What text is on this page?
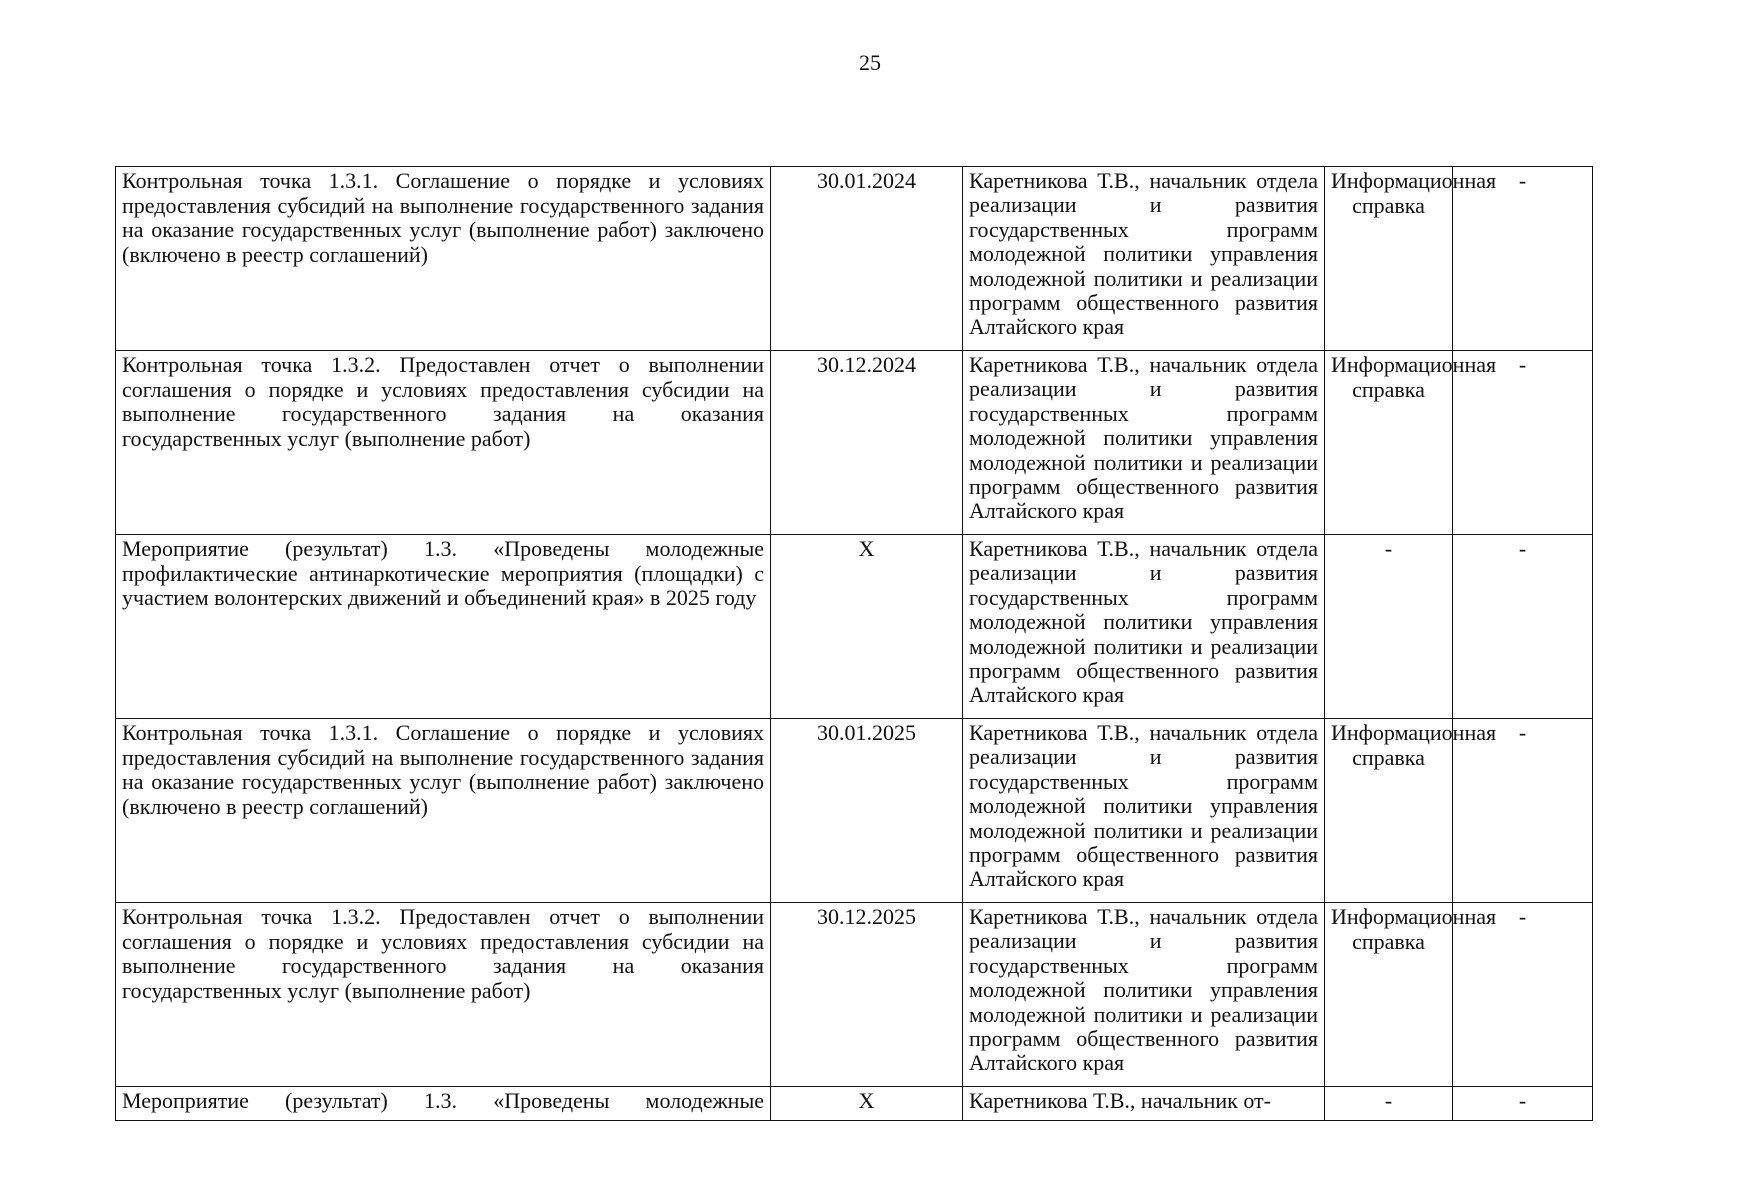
25
Контрольная точка 1.3.1. Соглашение о порядке и условиях предоставления субсидий на выполнение государственного задания на оказание государственных услуг (выполнение работ) заключено (включено в реестр соглашений)	30.01.2024	Каретникова Т.В., начальник отдела реализации и развития государственных программ молодежной политики управления молодежной политики и реализации программ общественного развития Алтайского края	Информационная справка	-

Контрольная точка 1.3.2. Предоставлен отчет о выполнении соглашения о порядке и условиях предоставления субсидии на выполнение государственного задания на оказания государственных услуг (выполнение работ)	30.12.2024	Каретникова Т.В., начальник отдела реализации и развития государственных программ молодежной политики управления молодежной политики и реализации программ общественного развития Алтайского края	Информационная справка	-

Мероприятие (результат) 1.3. «Проведены молодежные профилактические антинаркотические мероприятия (площадки) с участием волонтерских движений и объединений края» в 2025 году	Х	Каретникова Т.В., начальник отдела реализации и развития государственных программ молодежной политики управления молодежной политики и реализации программ общественного развития Алтайского края	-	-

Контрольная точка 1.3.1. Соглашение о порядке и условиях предоставления субсидий на выполнение государственного задания на оказание государственных услуг (выполнение работ) заключено (включено в реестр соглашений)	30.01.2025	Каретникова Т.В., начальник отдела реализации и развития государственных программ молодежной политики управления молодежной политики и реализации программ общественного развития Алтайского края	Информационная справка	-

Контрольная точка 1.3.2. Предоставлен отчет о выполнении соглашения о порядке и условиях предоставления субсидии на выполнение государственного задания на оказания государственных услуг (выполнение работ)	30.12.2025	Каретникова Т.В., начальник отдела реализации и развития государственных программ молодежной политики управления молодежной политики и реализации программ общественного развития Алтайского края	Информационная справка	-

Мероприятие (результат) 1.3. «Проведены молодежные	Х	Каретникова Т.В., начальник от-	-	-
